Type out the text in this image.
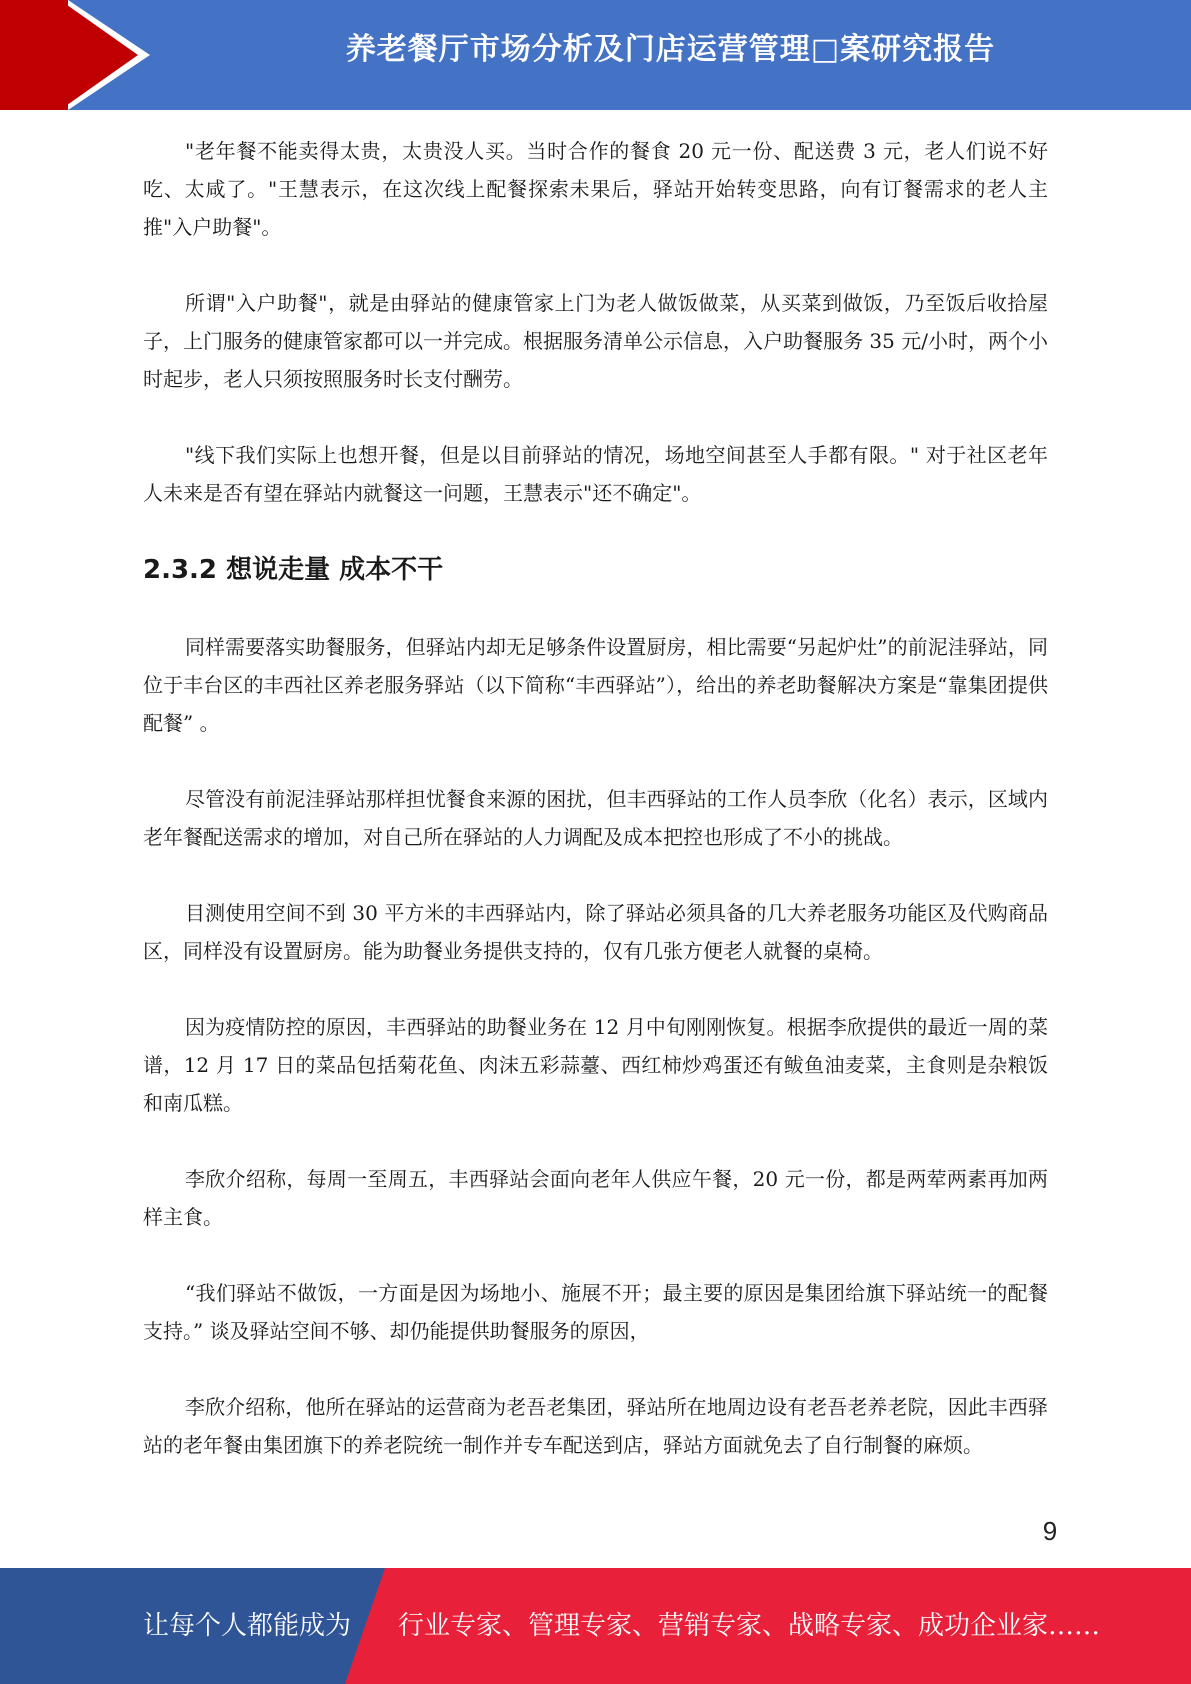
养老餐厅市场分析及门店运营管理□案研究报告

"老年餐不能卖得太贵，太贵没人买。当时合作的餐食 20 元一份、配送费 3 元，老人们说不好吃、太咸了。"王慧表示，在这次线上配餐探索未果后，驿站开始转变思路，向有订餐需求的老人主推"入户助餐"。

所谓"入户助餐"，就是由驿站的健康管家上门为老人做饭做菜，从买菜到做饭，乃至饭后收拾屋子，上门服务的健康管家都可以一并完成。根据服务清单公示信息，入户助餐服务 35 元/小时，两个小时起步，老人只须按照服务时长支付酬劳。

"线下我们实际上也想开餐，但是以目前驿站的情况，场地空间甚至人手都有限。" 对于社区老年人未来是否有望在驿站内就餐这一问题，王慧表示"还不确定"。

2.3.2 想说走量 成本不干

同样需要落实助餐服务，但驿站内却无足够条件设置厨房，相比需要“另起炉灶”的前泥洼驿站，同位于丰台区的丰西社区养老服务驿站（以下简称“丰西驿站”），给出的养老助餐解决方案是“靠集团提供配餐” 。

尽管没有前泥洼驿站那样担忧餐食来源的困扰，但丰西驿站的工作人员李欣（化名）表示，区域内老年餐配送需求的增加，对自己所在驿站的人力调配及成本把控也形成了不小的挑战。

目测使用空间不到 30 平方米的丰西驿站内，除了驿站必须具备的几大养老服务功能区及代购商品区，同样没有设置厨房。能为助餐业务提供支持的，仅有几张方便老人就餐的桌椅。

因为疫情防控的原因，丰西驿站的助餐业务在 12 月中旬刚刚恢复。根据李欣提供的最近一周的菜谱，12 月 17 日的菜品包括菊花鱼、肉沫五彩蒜薹、西红柿炒鸡蛋还有鲅鱼油麦菜，主食则是杂粮饭和南瓜糕。

李欣介绍称，每周一至周五，丰西驿站会面向老年人供应午餐，20 元一份，都是两荤两素再加两样主食。

“我们驿站不做饭，一方面是因为场地小、施展不开；最主要的原因是集团给旗下驿站统一的配餐支持。” 谈及驿站空间不够、却仍能提供助餐服务的原因，

李欣介绍称，他所在驿站的运营商为老吾老集团，驿站所在地周边设有老吾老养老院，因此丰西驿站的老年餐由集团旗下的养老院统一制作并专车配送到店，驿站方面就免去了自行制餐的麻烦。

9
让每个人都能成为 行业专家、管理专家、营销专家、战略专家、成功企业家……
